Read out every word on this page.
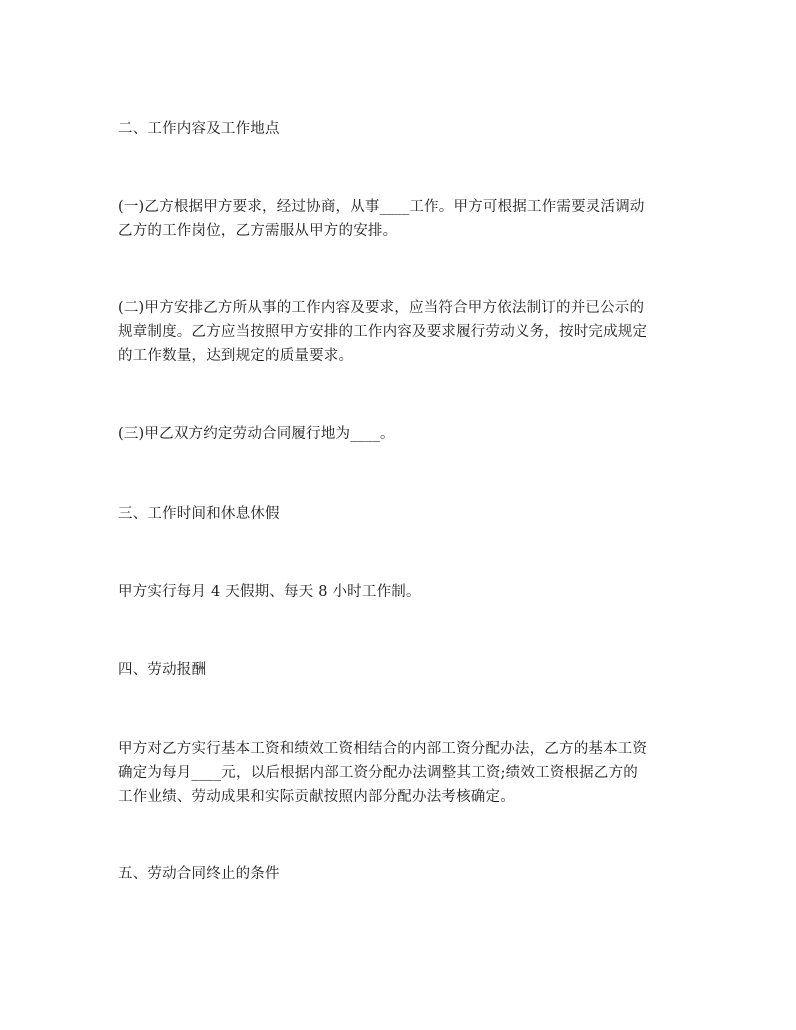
二、工作内容及工作地点
(一)乙方根据甲方要求，经过协商，从事____工作。甲方可根据工作需要灵活调动
乙方的工作岗位，乙方需服从甲方的安排。
(二)甲方安排乙方所从事的工作内容及要求，应当符合甲方依法制订的并已公示的
规章制度。乙方应当按照甲方安排的工作内容及要求履行劳动义务，按时完成规定
的工作数量，达到规定的质量要求。
(三)甲乙双方约定劳动合同履行地为____。
三、工作时间和休息休假
甲方实行每月 4 天假期、每天 8 小时工作制。
四、劳动报酬
甲方对乙方实行基本工资和绩效工资相结合的内部工资分配办法，乙方的基本工资
确定为每月____元，以后根据内部工资分配办法调整其工资;绩效工资根据乙方的
工作业绩、劳动成果和实际贡献按照内部分配办法考核确定。
五、劳动合同终止的条件
